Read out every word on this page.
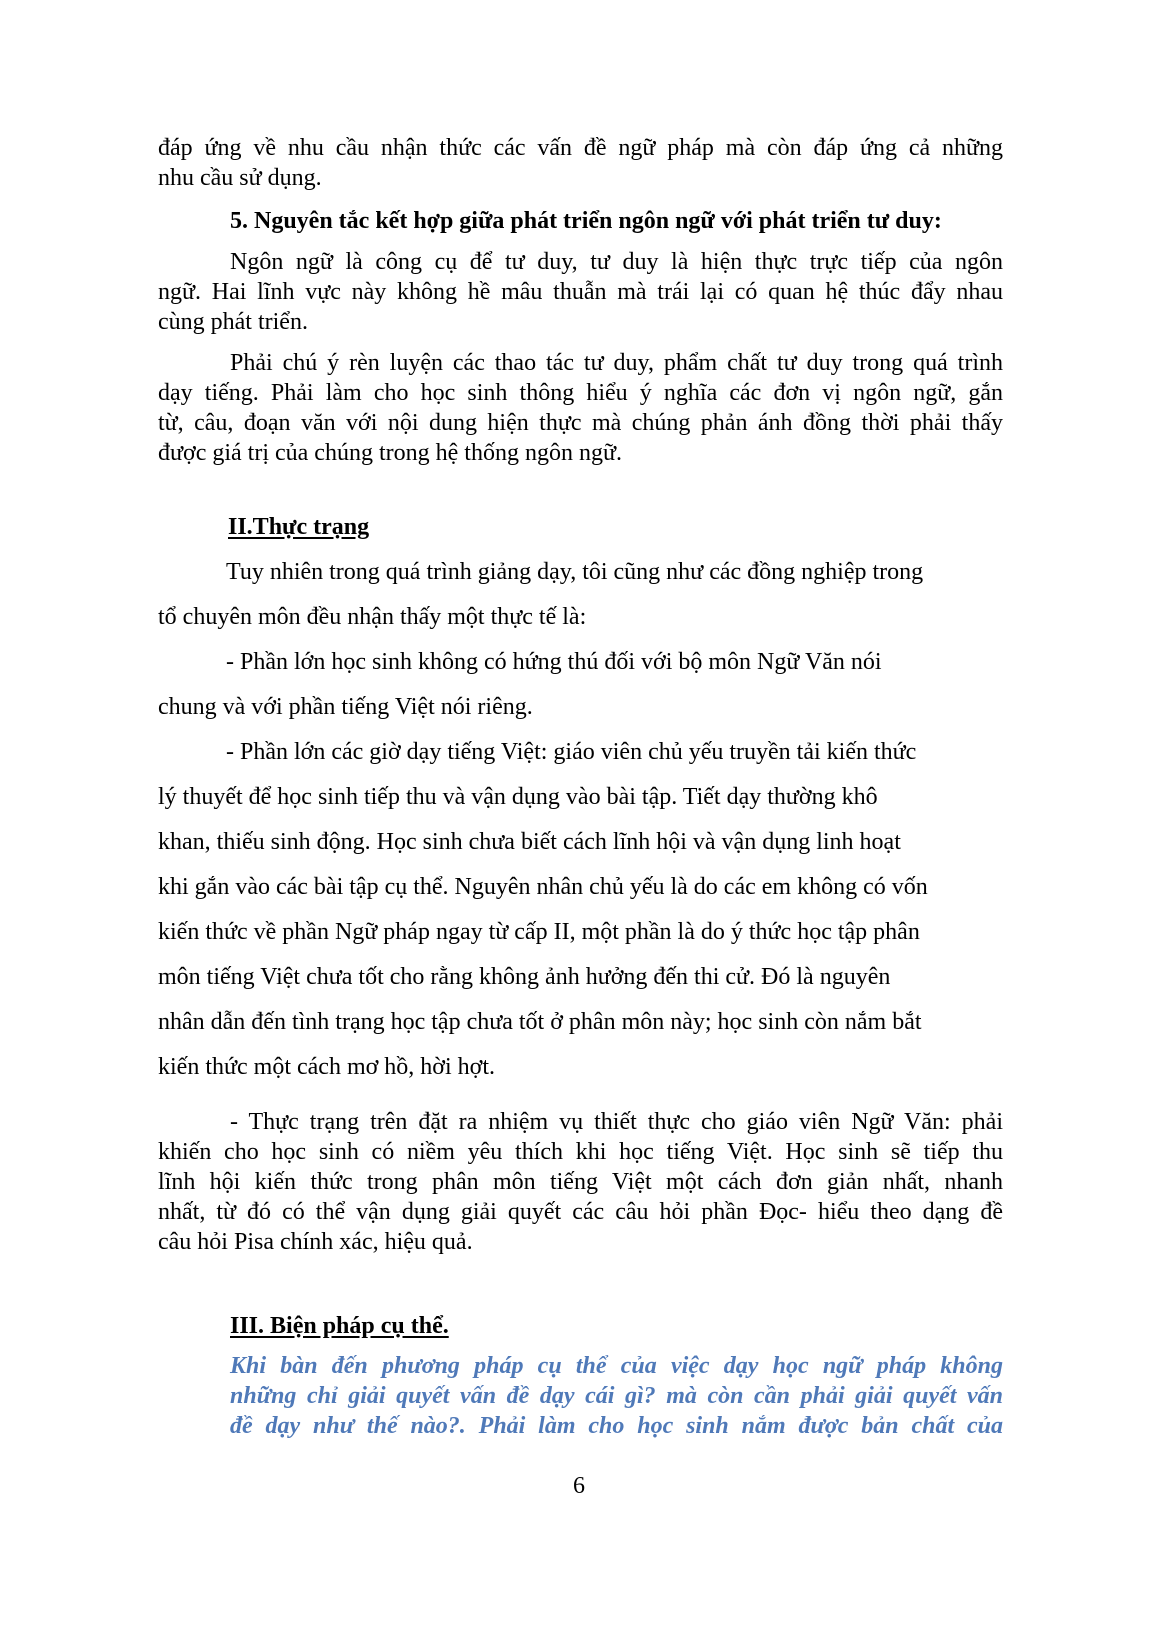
đáp ứng về nhu cầu nhận thức các vấn đề ngữ pháp mà còn đáp ứng cả những
nhu cầu sử dụng.
5. Nguyên tắc kết hợp giữa phát triển ngôn ngữ với phát triển tư duy:
Ngôn ngữ là công cụ để tư duy, tư duy là hiện thực trực tiếp của ngôn
ngữ. Hai lĩnh vực này không hề mâu thuẫn mà trái lại có quan hệ thúc đẩy nhau
cùng phát triển.
Phải chú ý rèn luyện các thao tác tư duy, phẩm chất tư duy trong quá trình
dạy tiếng. Phải làm cho học sinh thông hiểu ý nghĩa các đơn vị ngôn ngữ, gắn
từ, câu, đoạn văn với nội dung hiện thực mà chúng phản ánh đồng thời phải thấy
được giá trị của chúng trong hệ thống ngôn ngữ.
II.Thực trạng
Tuy nhiên trong quá trình giảng dạy, tôi cũng như các đồng nghiệp trong
tổ chuyên môn đều nhận thấy một thực tế là:
- Phần lớn học sinh không có hứng thú đối với bộ môn Ngữ Văn nói
chung và với phần tiếng Việt nói riêng.
- Phần lớn các giờ dạy tiếng Việt: giáo viên chủ yếu truyền tải kiến thức
lý thuyết để học sinh tiếp thu và vận dụng vào bài tập. Tiết dạy thường khô
khan, thiếu sinh động. Học sinh chưa biết cách lĩnh hội và vận dụng linh hoạt
khi gắn vào các bài tập cụ thể. Nguyên nhân chủ yếu là do các em không có vốn
kiến thức về phần Ngữ pháp ngay từ cấp II, một phần là do ý thức học tập phân
môn tiếng Việt chưa tốt cho rằng không ảnh hưởng đến thi cử. Đó là nguyên
nhân dẫn đến tình trạng học tập chưa tốt ở phân môn này; học sinh còn nắm bắt
kiến thức một cách mơ hồ, hời hợt.
- Thực trạng trên đặt ra nhiệm vụ thiết thực cho giáo viên Ngữ Văn: phải
khiến cho học sinh có niềm yêu thích khi học tiếng Việt. Học sinh sẽ tiếp thu
lĩnh hội kiến thức trong phân môn tiếng Việt một cách đơn giản nhất, nhanh
nhất, từ đó có thể vận dụng giải quyết các câu hỏi phần Đọc- hiểu theo dạng đề
câu hỏi Pisa chính xác, hiệu quả.
III. Biện pháp cụ thể.
Khi bàn đến phương pháp cụ thể của việc dạy học ngữ pháp không
những chỉ giải quyết vấn đề dạy cái gì? mà còn cần phải giải quyết vấn
đề dạy như thế nào?. Phải làm cho học sinh nắm được bản chất của
6
